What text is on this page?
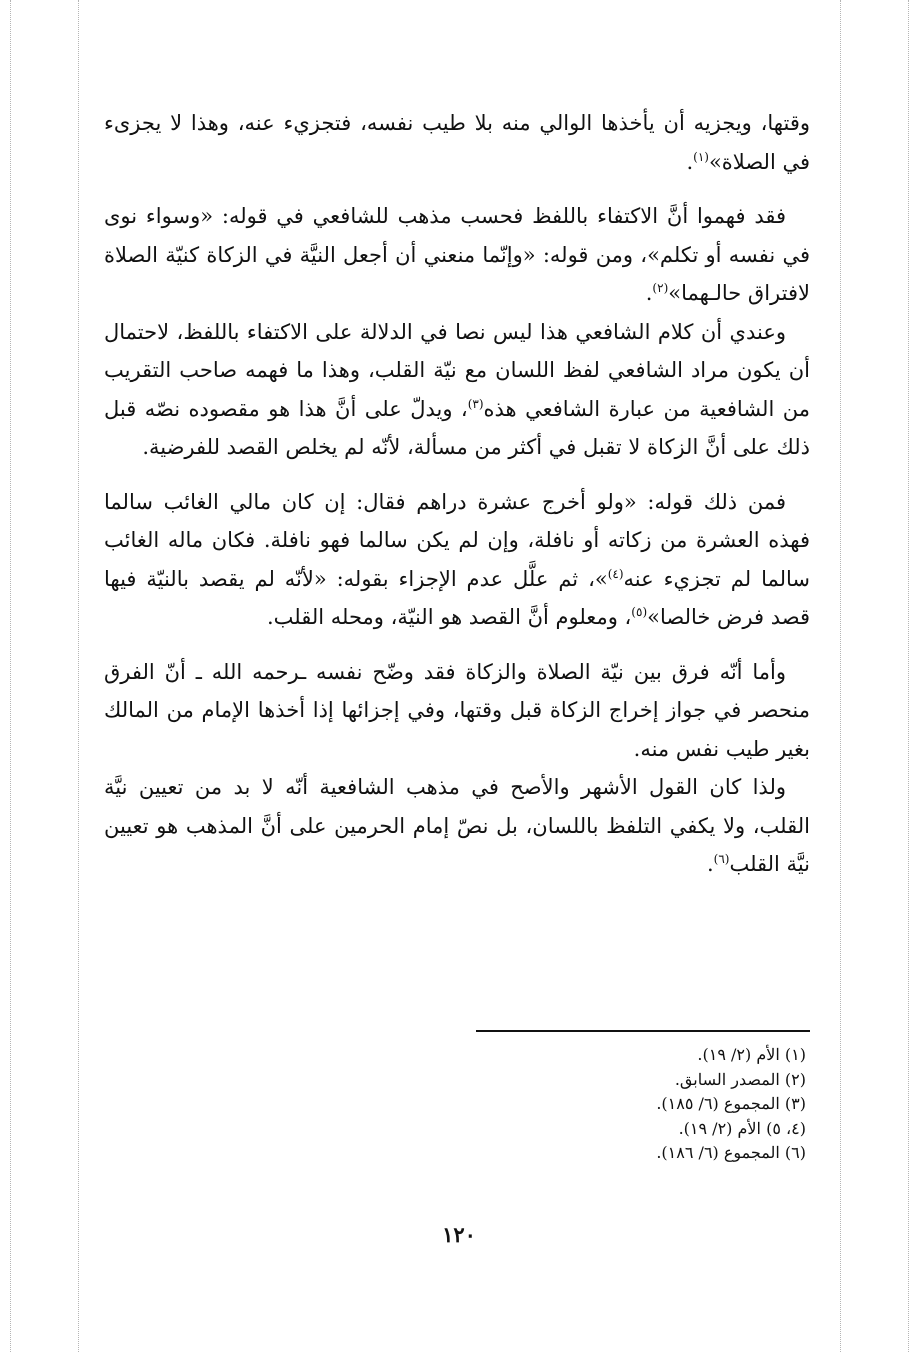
وقتها، ويجزيه أن يأخذها الوالي منه بلا طيب نفسه، فتجزيء عنه، وهذا لا يجزىء في الصلاة»$^{(١)}$.

فقد فهموا أنَّ الاكتفاء باللفظ فحسب مذهب للشافعي في قوله: «وسواء نوى في نفسه أو تكلم»، ومن قوله: «وإنّما منعني أن أجعل النيَّة في الزكاة كنيّة الصلاة لافتراق حالـهما»$^{(٢)}$.

وعندي أن كلام الشافعي هذا ليس نصا في الدلالة على الاكتفاء باللفظ، لاحتمال أن يكون مراد الشافعي لفظ اللسان مع نيّة القلب، وهذا ما فهمه صاحب التقريب من الشافعية من عبارة الشافعي هذه$^{(٣)}$، ويدلّ على أنَّ هذا هو مقصوده نصّه قبل ذلك على أنَّ الزكاة لا تقبل في أكثر من مسألة، لأنّه لم يخلص القصد للفرضية.

فمن ذلك قوله: «ولو أخرج عشرة دراهم فقال: إن كان مالي الغائب سالما فهذه العشرة من زكاته أو نافلة، وإن لم يكن سالما فهو نافلة. فكان ماله الغائب سالما لم تجزيء عنه$^{(٤)}$»، ثم علَّل عدم الإجزاء بقوله: «لأنّه لم يقصد بالنيّة فيها قصد فرض خالصا»$^{(٥)}$، ومعلوم أنَّ القصد هو النيّة، ومحله القلب.

وأما أنّه فرق بين نيّة الصلاة والزكاة فقد وضّح نفسه ـرحمه الله ـ أنّ الفرق منحصر في جواز إخراج الزكاة قبل وقتها، وفي إجزائها إذا أخذها الإمام من المالك بغير طيب نفس منه.

ولذا كان القول الأشهر والأصح في مذهب الشافعية أنّه لا بد من تعيين نيَّة القلب، ولا يكفي التلفظ باللسان، بل نصّ إمام الحرمين على أنَّ المذهب هو تعيين نيَّة القلب$^{(٦)}$.

(١) الأم (٢/ ١٩).
(٢) المصدر السابق.
(٣) المجموع (٦/ ١٨٥).
(٤، ٥) الأم (٢/ ١٩).
(٦) المجموع (٦/ ١٨٦).
١٢٠
